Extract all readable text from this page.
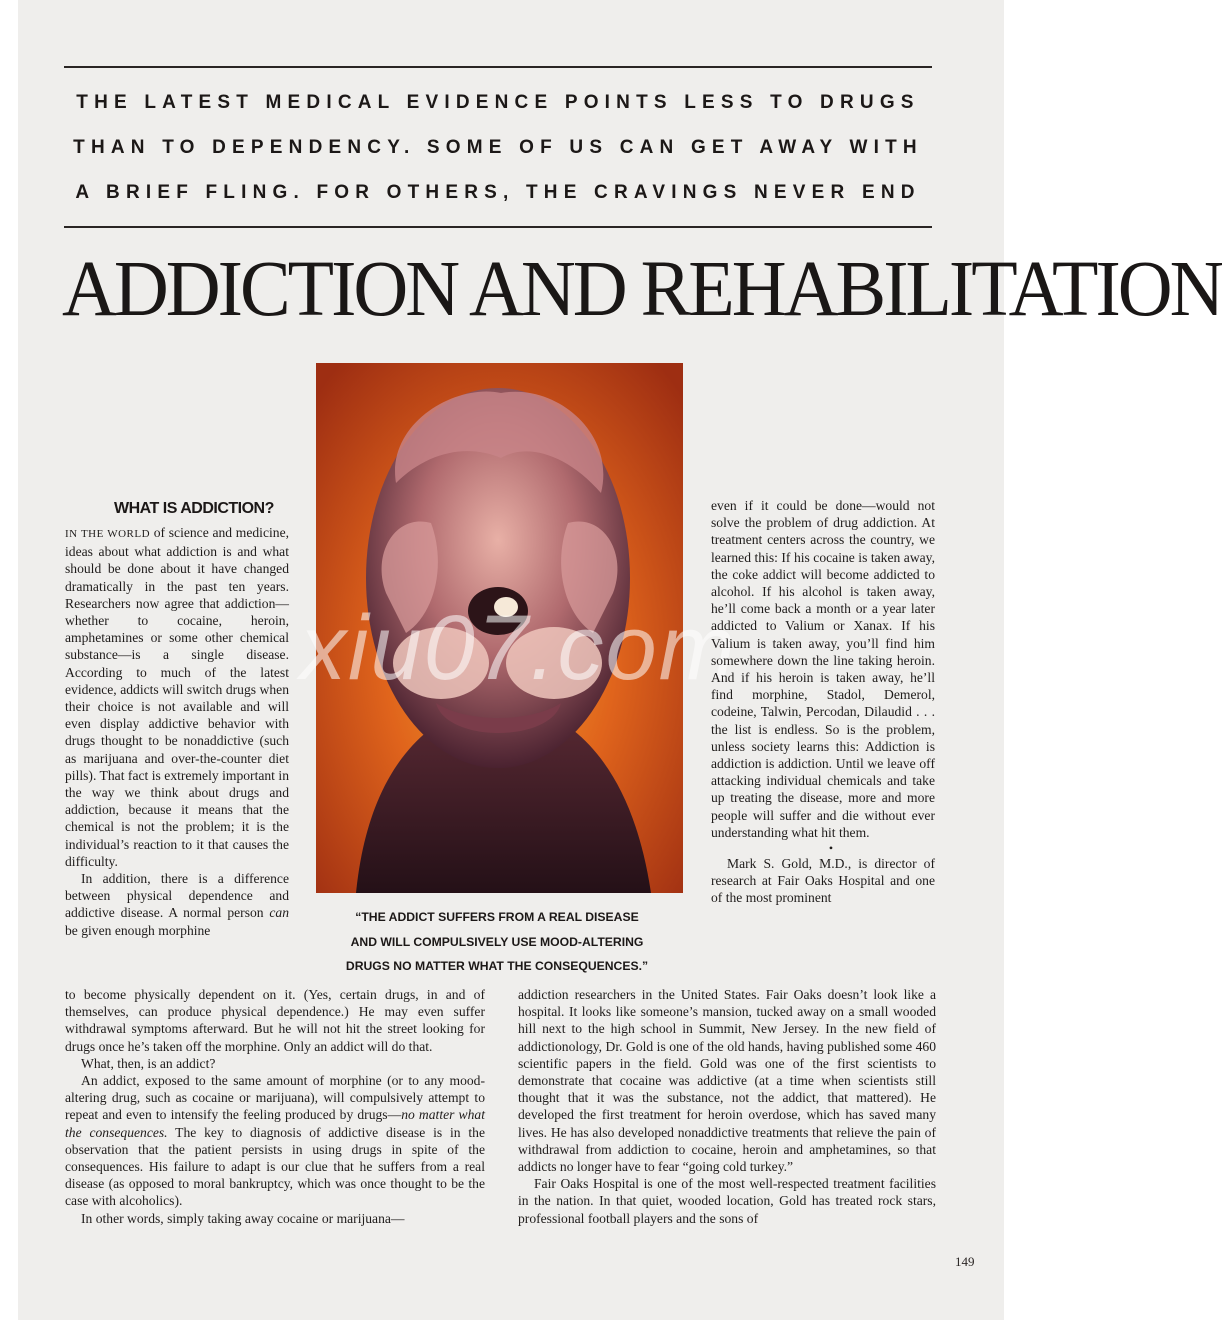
THE LATEST MEDICAL EVIDENCE POINTS LESS TO DRUGS
THAN TO DEPENDENCY. SOME OF US CAN GET AWAY WITH
A BRIEF FLING. FOR OTHERS, THE CRAVINGS NEVER END
ADDICTION AND REHABILITATION
xiu07.com
“THE ADDICT SUFFERS FROM A REAL DISEASE
AND WILL COMPULSIVELY USE MOOD-ALTERING
DRUGS NO MATTER WHAT THE CONSEQUENCES.”
WHAT IS ADDICTION?

IN THE WORLD of science and medicine, ideas about what addiction is and what should be done about it have changed dramatically in the past ten years. Researchers now agree that addiction—whether to cocaine, heroin, amphetamines or some other chemical substance—is a single disease. According to much of the latest evidence, addicts will switch drugs when their choice is not available and will even display addictive behavior with drugs thought to be nonaddictive (such as marijuana and over-the-counter diet pills). That fact is extremely important in the way we think about drugs and addiction, because it means that the chemical is not the problem; it is the individual’s reaction to it that causes the difficulty.

In addition, there is a difference between physical dependence and addictive disease. A normal person can be given enough morphine

to become physically dependent on it. (Yes, certain drugs, in and of themselves, can produce physical dependence.) He may even suffer withdrawal symptoms afterward. But he will not hit the street looking for drugs once he’s taken off the morphine. Only an addict will do that.

What, then, is an addict?

An addict, exposed to the same amount of morphine (or to any mood-altering drug, such as cocaine or marijuana), will compulsively attempt to repeat and even to intensify the feeling produced by drugs—no matter what the consequences. The key to diagnosis of addictive disease is in the observation that the patient persists in using drugs in spite of the consequences. His failure to adapt is our clue that he suffers from a real disease (as opposed to moral bankruptcy, which was once thought to be the case with alcoholics).

In other words, simply taking away cocaine or marijuana—

even if it could be done—would not solve the problem of drug addiction. At treatment centers across the country, we learned this: If his cocaine is taken away, the coke addict will become addicted to alcohol. If his alcohol is taken away, he’ll come back a month or a year later addicted to Valium or Xanax. If his Valium is taken away, you’ll find him somewhere down the line taking heroin. And if his heroin is taken away, he’ll find morphine, Stadol, Demerol, codeine, Talwin, Percodan, Dilaudid . . . the list is endless. So is the problem, unless society learns this: Addiction is addiction is addiction. Until we leave off attacking individual chemicals and take up treating the disease, more and more people will suffer and die without ever understanding what hit them.

•

Mark S. Gold, M.D., is director of research at Fair Oaks Hospital and one of the most prominent

addiction researchers in the United States. Fair Oaks doesn’t look like a hospital. It looks like someone’s mansion, tucked away on a small wooded hill next to the high school in Summit, New Jersey. In the new field of addictionology, Dr. Gold is one of the old hands, having published some 460 scientific papers in the field. Gold was one of the first scientists to demonstrate that cocaine was addictive (at a time when scientists still thought that it was the substance, not the addict, that mattered). He developed the first treatment for heroin overdose, which has saved many lives. He has also developed nonaddictive treatments that relieve the pain of withdrawal from addiction to cocaine, heroin and amphetamines, so that addicts no longer have to fear “going cold turkey.”

Fair Oaks Hospital is one of the most well-respected treatment facilities in the nation. In that quiet, wooded location, Gold has treated rock stars, professional football players and the sons of

149
